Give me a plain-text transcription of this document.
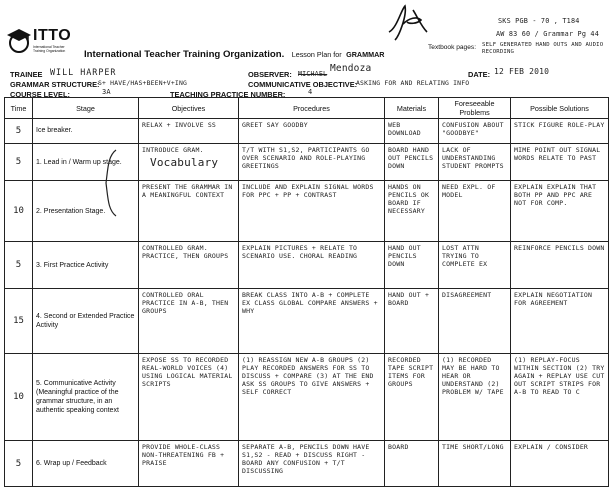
ITTO
International Teacher
Training Organization International Teacher Training Organization. Lesson Plan for GRAMMAR
SKS PGB - 70 , T184
AW 83 60 / Grammar Pg 44
Textbook pages: SELF GENERATED HAND OUTS AND AUDIO RECORDING
TRAINEE WILL HARPER	OBSERVER: MICHAEL Mendoza
DATE: 12 FEB 2010
GRAMMAR STRUCTURE:
S+ HAVE/HAS+BEEN+V+ING	COMMUNICATIVE OBJECTIVE:
ASKING FOR AND RELATING INFO
COURSE LEVEL:	3A	TEACHING PRACTICE NUMBER:	4
Time	Stage	Objectives	Procedures	Materials	Foreseeable Problems	Possible Solutions
5	Ice breaker.	RELAX + INVOLVE SS	GREET SAY GOODBY	WEB DOWNLOAD	CONFUSION ABOUT "GOODBYE"	STICK FIGURE ROLE-PLAY
5	1. Lead in / Warm up stage.	INTRODUCE GRAM.
Vocabulary	T/T WITH S1,S2, PARTICIPANTS GO OVER SCENARIO AND ROLE-PLAYING GREETINGS	BOARD HAND OUT PENCILS DOWN	LACK OF UNDERSTANDING STUDENT PROMPTS	MIME POINT OUT SIGNAL WORDS RELATE TO PAST
10	2. Presentation Stage.	PRESENT THE GRAMMAR IN A MEANINGFUL CONTEXT	INCLUDE AND EXPLAIN SIGNAL WORDS FOR PPC + PP + CONTRAST	HANDS ON PENCILS OK BOARD IF NECESSARY	NEED EXPL. OF MODEL	EXPLAIN EXPLAIN THAT BOTH PP AND PPC ARE NOT FOR COMP.
5	3. First Practice Activity	CONTROLLED GRAM. PRACTICE, THEN GROUPS	EXPLAIN PICTURES + RELATE TO SCENARIO USE. CHORAL READING	HAND OUT PENCILS DOWN	LOST ATTN TRYING TO COMPLETE EX	REINFORCE PENCILS DOWN
15	4. Second or Extended Practice Activity	CONTROLLED ORAL PRACTICE IN A-B, THEN GROUPS	BREAK CLASS INTO A-B + COMPLETE EX CLASS GLOBAL COMPARE ANSWERS + WHY	HAND OUT + BOARD	DISAGREEMENT	EXPLAIN NEGOTIATION FOR AGREEMENT
10	5. Communicative Activity (Meaningful practice of the grammar structure, in an authentic speaking context	EXPOSE SS TO RECORDED REAL-WORLD VOICES (4) USING LOGICAL MATERIAL SCRIPTS	(1) REASSIGN NEW A-B GROUPS (2) PLAY RECORDED ANSWERS FOR SS TO DISCUSS + COMPARE (3) AT THE END ASK SS GROUPS TO GIVE ANSWERS + SELF CORRECT	RECORDED TAPE SCRIPT ITEMS FOR GROUPS	(1) RECORDED MAY BE HARD TO HEAR OR UNDERSTAND (2) PROBLEM W/ TAPE	(1) REPLAY-FOCUS WITHIN SECTION (2) TRY AGAIN + REPLAY USE CUT OUT SCRIPT STRIPS FOR A-B TO READ TO C
5	6. Wrap up / Feedback	PROVIDE WHOLE-CLASS NON-THREATENING FB + PRAISE	SEPARATE A-B, PENCILS DOWN HAVE S1,S2 - READ + DISCUSS RIGHT - BOARD ANY CONFUSION + T/T DISCUSSING	BOARD	TIME SHORT/LONG	EXPLAIN / CONSIDER
